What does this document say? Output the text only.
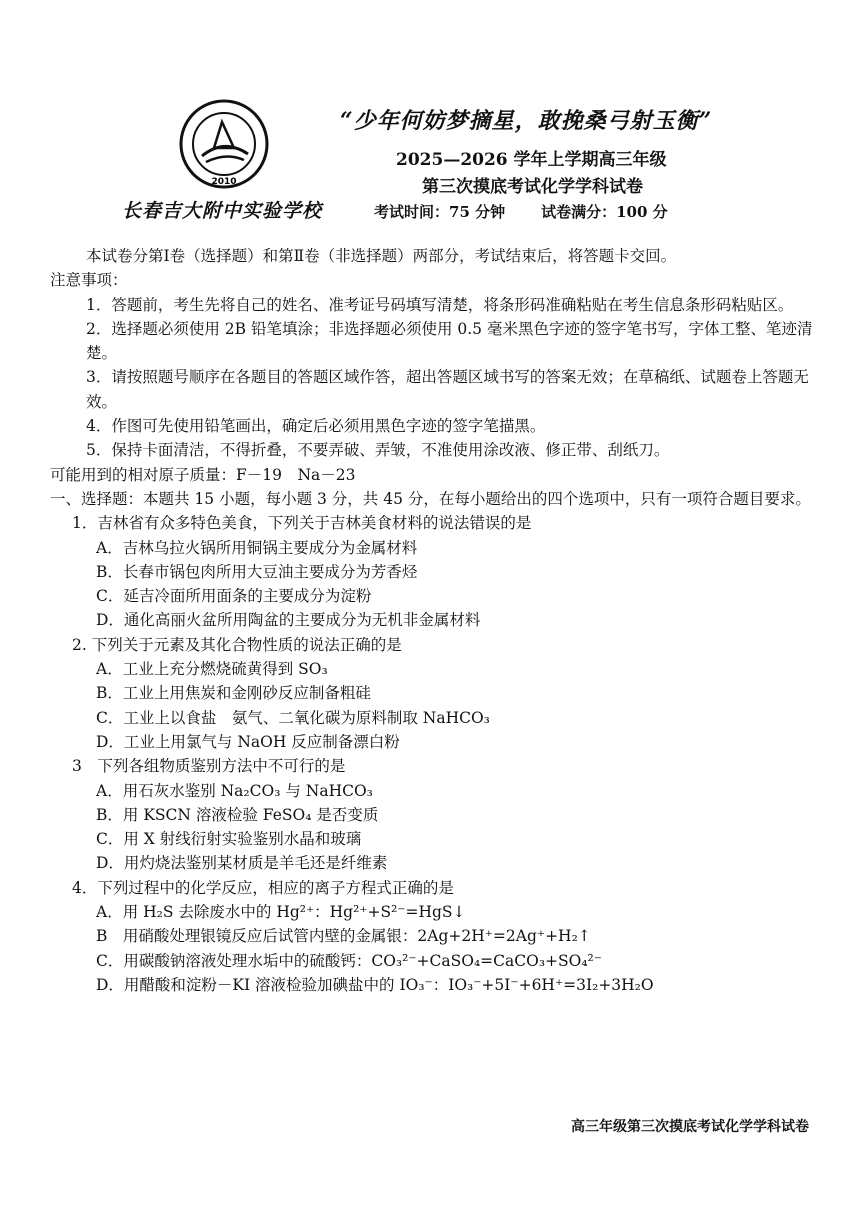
2010
长春吉大附中实验学校
“少年何妨梦摘星，敢挽桑弓射玉衡”
2025—2026 学年上学期高三年级
第三次摸底考试化学学科试卷
考试时间：75 分钟 试卷满分：100 分

本试卷分第Ⅰ卷（选择题）和第Ⅱ卷（非选择题）两部分，考试结束后，将答题卡交回。

注意事项：

1．答题前，考生先将自己的姓名、准考证号码填写清楚，将条形码准确粘贴在考生信息条形码粘贴区。

2．选择题必须使用 2B 铅笔填涂；非选择题必须使用 0.5 毫米黑色字迹的签字笔书写，字体工整、笔迹清楚。

3．请按照题号顺序在各题目的答题区域作答，超出答题区域书写的答案无效；在草稿纸、试题卷上答题无效。

4．作图可先使用铅笔画出，确定后必须用黑色字迹的签字笔描黑。

5．保持卡面清洁，不得折叠，不要弄破、弄皱，不准使用涂改液、修正带、刮纸刀。

可能用到的相对原子质量：F－19　Na－23

一、选择题：本题共 15 小题，每小题 3 分，共 45 分，在每小题给出的四个选项中，只有一项符合题目要求。

1．吉林省有众多特色美食，下列关于吉林美食材料的说法错误的是

A．吉林乌拉火锅所用铜锅主要成分为金属材料

B．长春市锅包肉所用大豆油主要成分为芳香烃

C．延吉冷面所用面条的主要成分为淀粉

D．通化高丽火盆所用陶盆的主要成分为无机非金属材料

2. 下列关于元素及其化合物性质的说法正确的是

A．工业上充分燃烧硫黄得到 SO₃

B．工业上用焦炭和金刚砂反应制备粗硅

C．工业上以食盐　氨气、二氧化碳为原料制取 NaHCO₃

D．工业上用氯气与 NaOH 反应制备漂白粉

3　下列各组物质鉴别方法中不可行的是

A．用石灰水鉴别 Na₂CO₃ 与 NaHCO₃

B．用 KSCN 溶液检验 FeSO₄ 是否变质

C．用 X 射线衍射实验鉴别水晶和玻璃

D．用灼烧法鉴别某材质是羊毛还是纤维素

4．下列过程中的化学反应，相应的离子方程式正确的是

A．用 H₂S 去除废水中的 Hg²⁺：Hg²⁺+S²⁻=HgS↓

B　用硝酸处理银镜反应后试管内壁的金属银：2Ag+2H⁺=2Ag⁺+H₂↑

C．用碳酸钠溶液处理水垢中的硫酸钙：CO₃²⁻+CaSO₄=CaCO₃+SO₄²⁻

D．用醋酸和淀粉－KI 溶液检验加碘盐中的 IO₃⁻：IO₃⁻+5I⁻+6H⁺=3I₂+3H₂O

高三年级第三次摸底考试化学学科试卷
